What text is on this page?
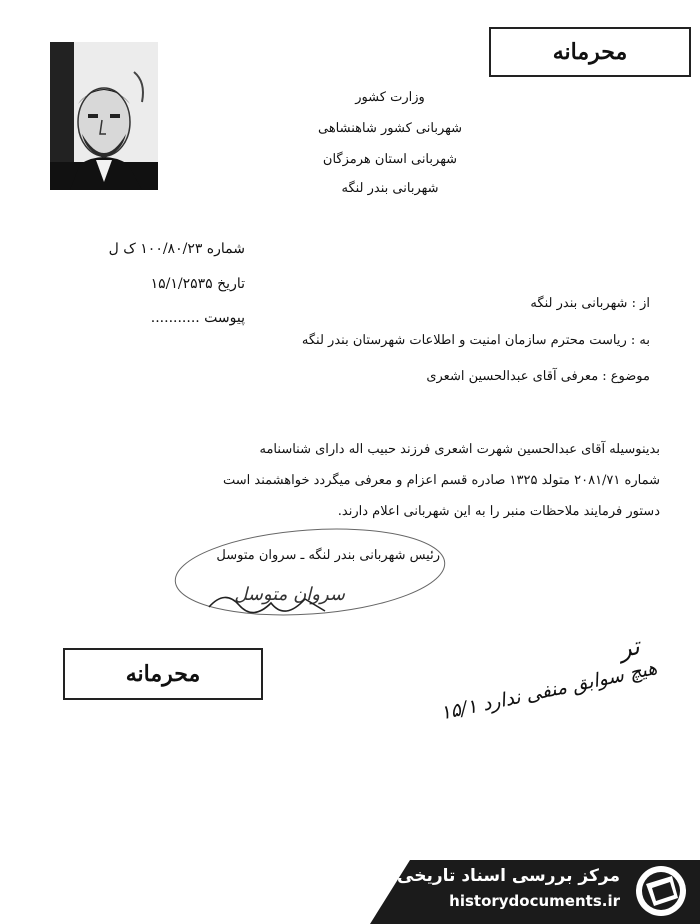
محرمانه
وزارت کشور
شهربانی کشور شاهنشاهی
شهربانی استان هرمزگان
شهربانی بندر لنگه
شماره ۱۰۰/۸۰/۲۳ ک ل
تاریخ ۱۵/۱/۲۵۳۵
پیوست ...........
از : شهربانی بندر لنگه
به : ریاست محترم سازمان امنیت و اطلاعات شهرستان بندر لنگه
موضوع : معرفی آقای عبدالحسین اشعری
بدینوسیله آقای عبدالحسین شهرت اشعری فرزند حبیب اله دارای شناسنامه
شماره ۲۰۸۱/۷۱ متولد ۱۳۲۵ صادره قسم اعزام و معرفی میگردد خواهشمند است
دستور فرمایند ملاحظات منبر را به این شهربانی اعلام دارند.
رئیس شهربانی بندر لنگه ـ سروان متوسل
سروان متوسل
محرمانه
تر
هیچ سوابق منفی ندارد ۱۵/۱
مرکز بررسی اسناد تاریخی
historydocuments.ir
